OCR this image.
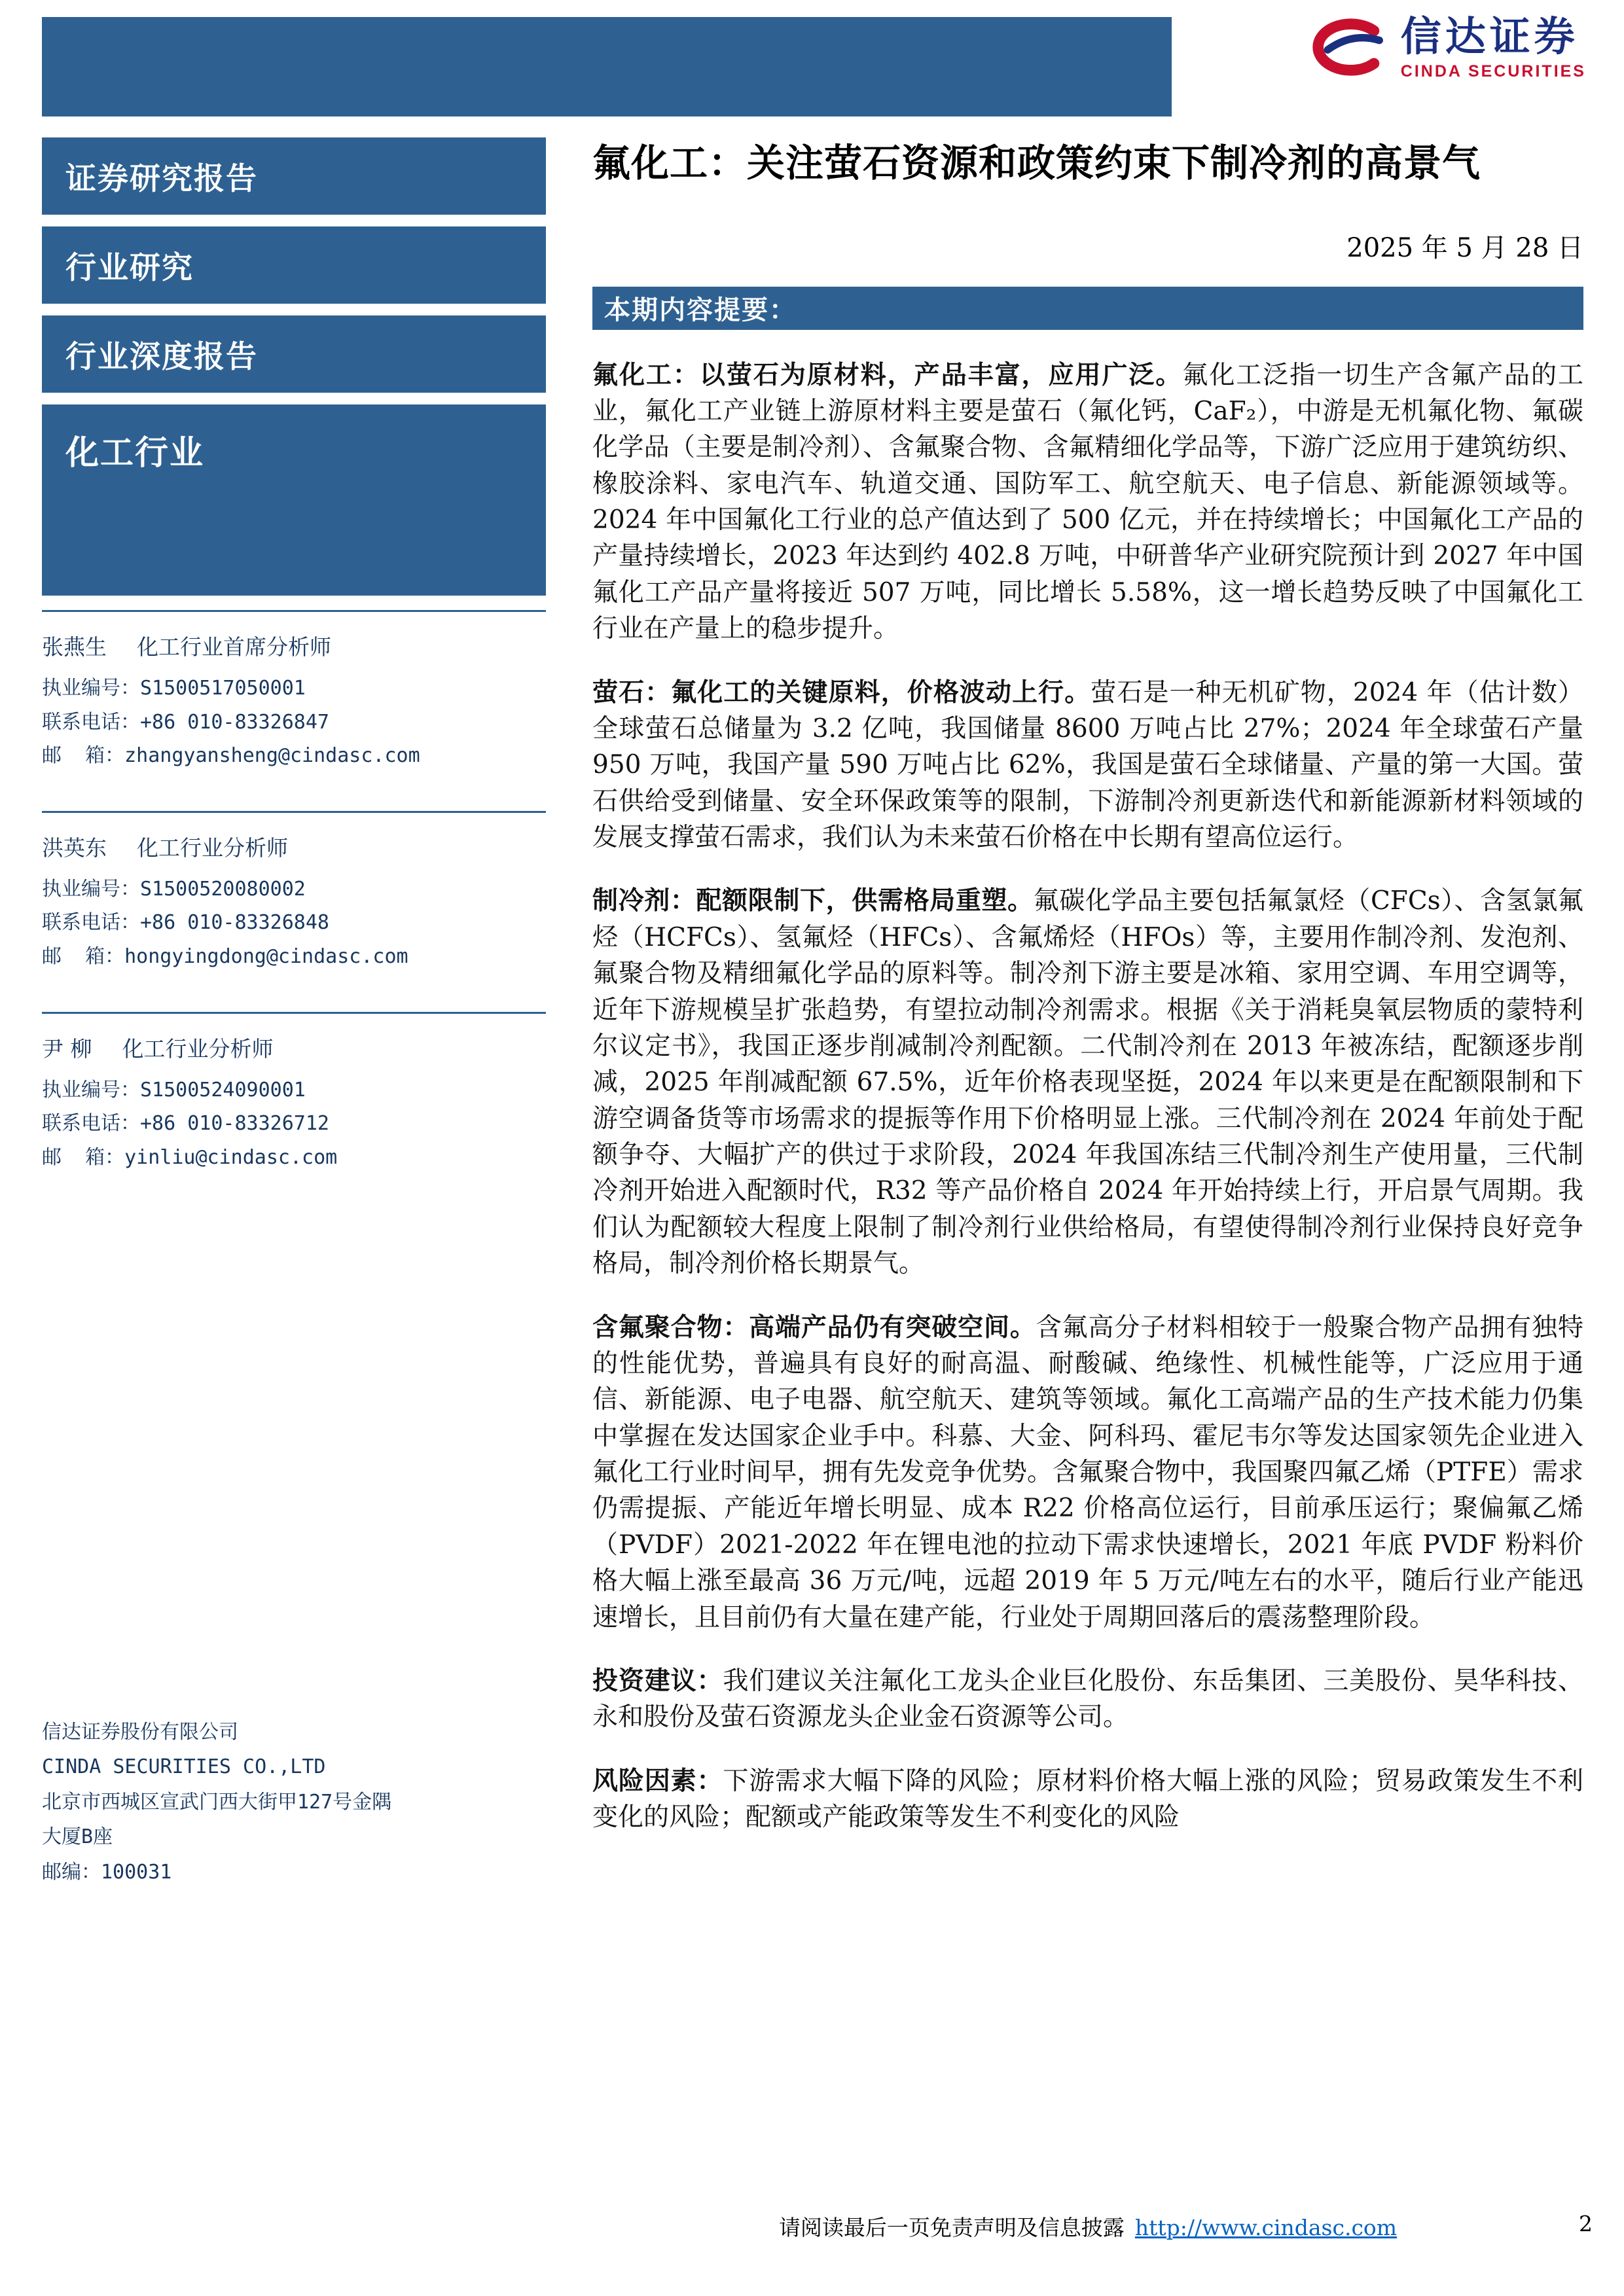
信达证券
CINDA SECURITIES
证券研究报告
行业研究
行业深度报告
化工行业
张燕生 化工行业首席分析师
执业编号：S1500517050001
联系电话：+86 010-83326847
邮  箱：zhangyansheng@cindasc.com
洪英东 化工行业分析师
执业编号：S1500520080002
联系电话：+86 010-83326848
邮  箱：hongyingdong@cindasc.com
尹 柳 化工行业分析师
执业编号：S1500524090001
联系电话：+86 010-83326712
邮  箱：yinliu@cindasc.com
信达证券股份有限公司
CINDA SECURITIES CO.,LTD
北京市西城区宣武门西大街甲127号金隅
大厦B座
邮编：100031
氟化工：关注萤石资源和政策约束下制冷剂的高景气
2025 年 5 月 28 日
本期内容提要：

氟化工：以萤石为原材料，产品丰富，应用广泛。氟化工泛指一切生产含氟产品的工业，氟化工产业链上游原材料主要是萤石（氟化钙，CaF₂），中游是无机氟化物、氟碳化学品（主要是制冷剂）、含氟聚合物、含氟精细化学品等，下游广泛应用于建筑纺织、橡胶涂料、家电汽车、轨道交通、国防军工、航空航天、电子信息、新能源领域等。2024 年中国氟化工行业的总产值达到了 500 亿元，并在持续增长；中国氟化工产品的产量持续增长，2023 年达到约 402.8 万吨，中研普华产业研究院预计到 2027 年中国氟化工产品产量将接近 507 万吨，同比增长 5.58%，这一增长趋势反映了中国氟化工行业在产量上的稳步提升。

萤石：氟化工的关键原料，价格波动上行。萤石是一种无机矿物，2024 年（估计数）全球萤石总储量为 3.2 亿吨，我国储量 8600 万吨占比 27%；2024 年全球萤石产量 950 万吨，我国产量 590 万吨占比 62%，我国是萤石全球储量、产量的第一大国。萤石供给受到储量、安全环保政策等的限制，下游制冷剂更新迭代和新能源新材料领域的发展支撑萤石需求，我们认为未来萤石价格在中长期有望高位运行。

制冷剂：配额限制下，供需格局重塑。氟碳化学品主要包括氟氯烃（CFCs）、含氢氯氟烃（HCFCs）、氢氟烃（HFCs）、含氟烯烃（HFOs）等，主要用作制冷剂、发泡剂、氟聚合物及精细氟化学品的原料等。制冷剂下游主要是冰箱、家用空调、车用空调等，近年下游规模呈扩张趋势，有望拉动制冷剂需求。根据《关于消耗臭氧层物质的蒙特利尔议定书》，我国正逐步削减制冷剂配额。二代制冷剂在 2013 年被冻结，配额逐步削减，2025 年削减配额 67.5%，近年价格表现坚挺，2024 年以来更是在配额限制和下游空调备货等市场需求的提振等作用下价格明显上涨。三代制冷剂在 2024 年前处于配额争夺、大幅扩产的供过于求阶段，2024 年我国冻结三代制冷剂生产使用量，三代制冷剂开始进入配额时代，R32 等产品价格自 2024 年开始持续上行，开启景气周期。我们认为配额较大程度上限制了制冷剂行业供给格局，有望使得制冷剂行业保持良好竞争格局，制冷剂价格长期景气。

含氟聚合物：高端产品仍有突破空间。含氟高分子材料相较于一般聚合物产品拥有独特的性能优势，普遍具有良好的耐高温、耐酸碱、绝缘性、机械性能等，广泛应用于通信、新能源、电子电器、航空航天、建筑等领域。氟化工高端产品的生产技术能力仍集中掌握在发达国家企业手中。科慕、大金、阿科玛、霍尼韦尔等发达国家领先企业进入氟化工行业时间早，拥有先发竞争优势。含氟聚合物中，我国聚四氟乙烯（PTFE）需求仍需提振、产能近年增长明显、成本 R22 价格高位运行，目前承压运行；聚偏氟乙烯（PVDF）2021-2022 年在锂电池的拉动下需求快速增长，2021 年底 PVDF 粉料价格大幅上涨至最高 36 万元/吨，远超 2019 年 5 万元/吨左右的水平，随后行业产能迅速增长，且目前仍有大量在建产能，行业处于周期回落后的震荡整理阶段。

投资建议：我们建议关注氟化工龙头企业巨化股份、东岳集团、三美股份、昊华科技、永和股份及萤石资源龙头企业金石资源等公司。

风险因素：下游需求大幅下降的风险；原材料价格大幅上涨的风险；贸易政策发生不利变化的风险；配额或产能政策等发生不利变化的风险

请阅读最后一页免责声明及信息披露 http://www.cindasc.com	2
